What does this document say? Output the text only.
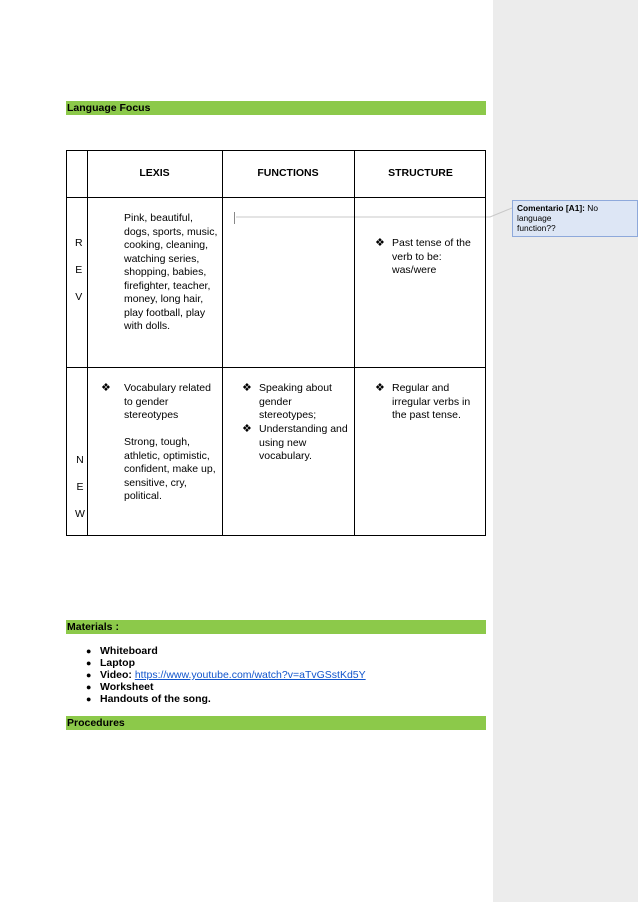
Comentario [A1]: No language
function??
Language Focus
LEXIS	FUNCTIONS	STRUCTURE
R
E
V
Pink, beautiful,
dogs, sports, music,
cooking, cleaning,
watching series,
shopping, babies,
firefighter, teacher,
money, long hair,
play football, play
with dolls.
❖ Past tense of the
verb to be:
was/were
N
E
W
❖ Vocabulary related
to gender
stereotypes
Strong, tough,
athletic, optimistic,
confident, make up,
sensitive, cry,
political.
❖ Speaking about
gender
stereotypes;
❖ Understanding and
using new
vocabulary.
❖ Regular and
irregular verbs in
the past tense.
Materials :
● Whiteboard
● Laptop
● Video: https://www.youtube.com/watch?v=aTvGSstKd5Y
● Worksheet
● Handouts of the song.
Procedures
